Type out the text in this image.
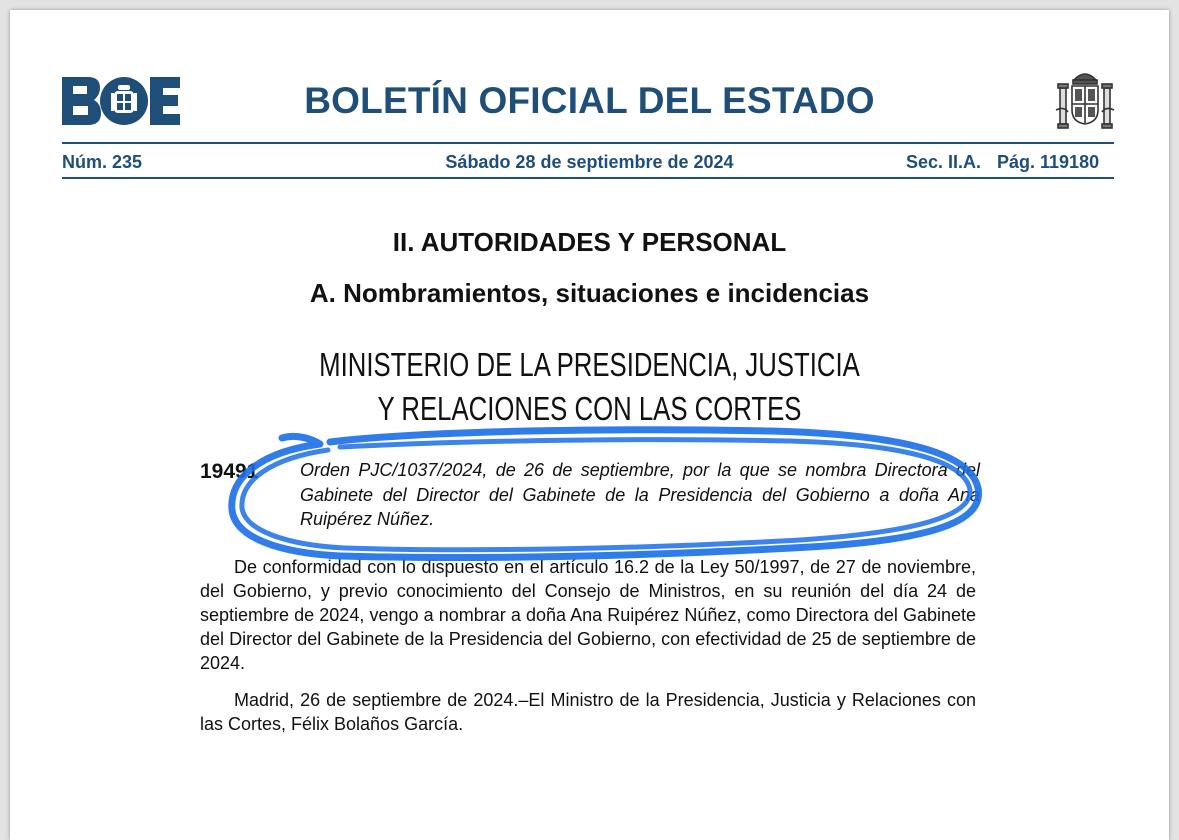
BOLETÍN OFICIAL DEL ESTADO
Núm. 235	Sábado 28 de septiembre de 2024	Sec. II.A. Pág. 119180
II. AUTORIDADES Y PERSONAL
A. Nombramientos, situaciones e incidencias
MINISTERIO DE LA PRESIDENCIA, JUSTICIA
Y RELACIONES CON LAS CORTES
19491 Orden PJC/1037/2024, de 26 de septiembre, por la que se nombra Directora del Gabinete del Director del Gabinete de la Presidencia del Gobierno a doña Ana Ruipérez Núñez.

De conformidad con lo dispuesto en el artículo 16.2 de la Ley 50/1997, de 27 de noviembre, del Gobierno, y previo conocimiento del Consejo de Ministros, en su reunión del día 24 de septiembre de 2024, vengo a nombrar a doña Ana Ruipérez Núñez, como Directora del Gabinete del Director del Gabinete de la Presidencia del Gobierno, con efectividad de 25 de septiembre de 2024.

Madrid, 26 de septiembre de 2024.–El Ministro de la Presidencia, Justicia y Relaciones con las Cortes, Félix Bolaños García.
